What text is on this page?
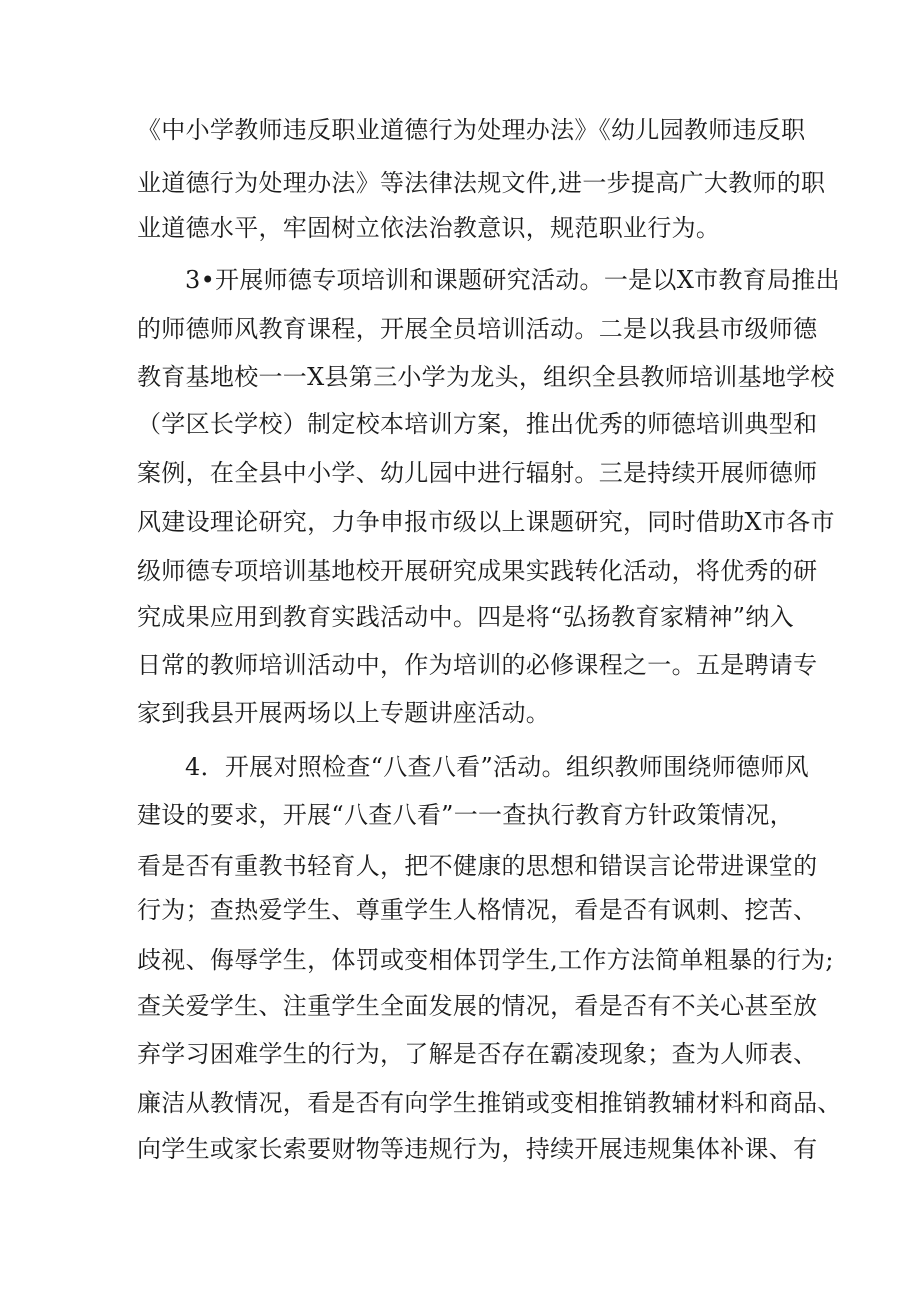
《中小学教师违反职业道德行为处理办法》《幼儿园教师违反职
业道德行为处理办法》等法律法规文件,进一步提高广大教师的职
业道德水平，牢固树立依法治教意识，规范职业行为。
3•开展师德专项培训和课题研究活动。一是以X市教育局推出
的师德师风教育课程，开展全员培训活动。二是以我县市级师德
教育基地校一一X县第三小学为龙头，组织全县教师培训基地学校
（学区长学校）制定校本培训方案，推出优秀的师德培训典型和
案例，在全县中小学、幼儿园中进行辐射。三是持续开展师德师
风建设理论研究，力争申报市级以上课题研究，同时借助X市各市
级师德专项培训基地校开展研究成果实践转化活动，将优秀的研
究成果应用到教育实践活动中。四是将“弘扬教育家精神”纳入
日常的教师培训活动中，作为培训的必修课程之一。五是聘请专
家到我县开展两场以上专题讲座活动。
4．开展对照检查“八查八看”活动。组织教师围绕师德师风
建设的要求，开展“八查八看”一一查执行教育方针政策情况，
看是否有重教书轻育人，把不健康的思想和错误言论带进课堂的
行为；查热爱学生、尊重学生人格情况，看是否有讽刺、挖苦、
歧视、侮辱学生，体罚或变相体罚学生,工作方法简单粗暴的行为;
查关爱学生、注重学生全面发展的情况，看是否有不关心甚至放
弃学习困难学生的行为，了解是否存在霸凌现象；查为人师表、
廉洁从教情况，看是否有向学生推销或变相推销教辅材料和商品、
向学生或家长索要财物等违规行为，持续开展违规集体补课、有
